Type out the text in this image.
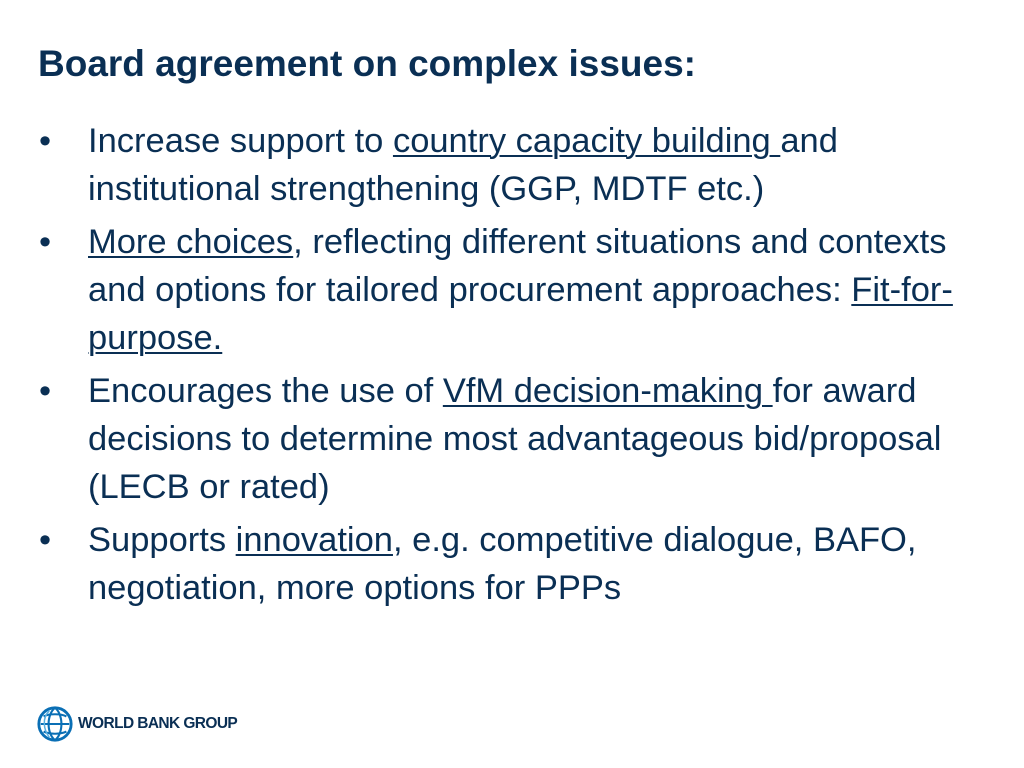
Board agreement on complex issues:
•	Increase support to country capacity building and institutional strengthening (GGP, MDTF etc.)
•	More choices, reflecting different situations and contexts and options for tailored procurement approaches: Fit-for-purpose.
•	Encourages the use of VfM decision-making for award decisions to determine most advantageous bid/proposal (LECB or rated)
•	Supports innovation, e.g. competitive dialogue, BAFO, negotiation, more options for PPPs
WORLD BANK GROUP
